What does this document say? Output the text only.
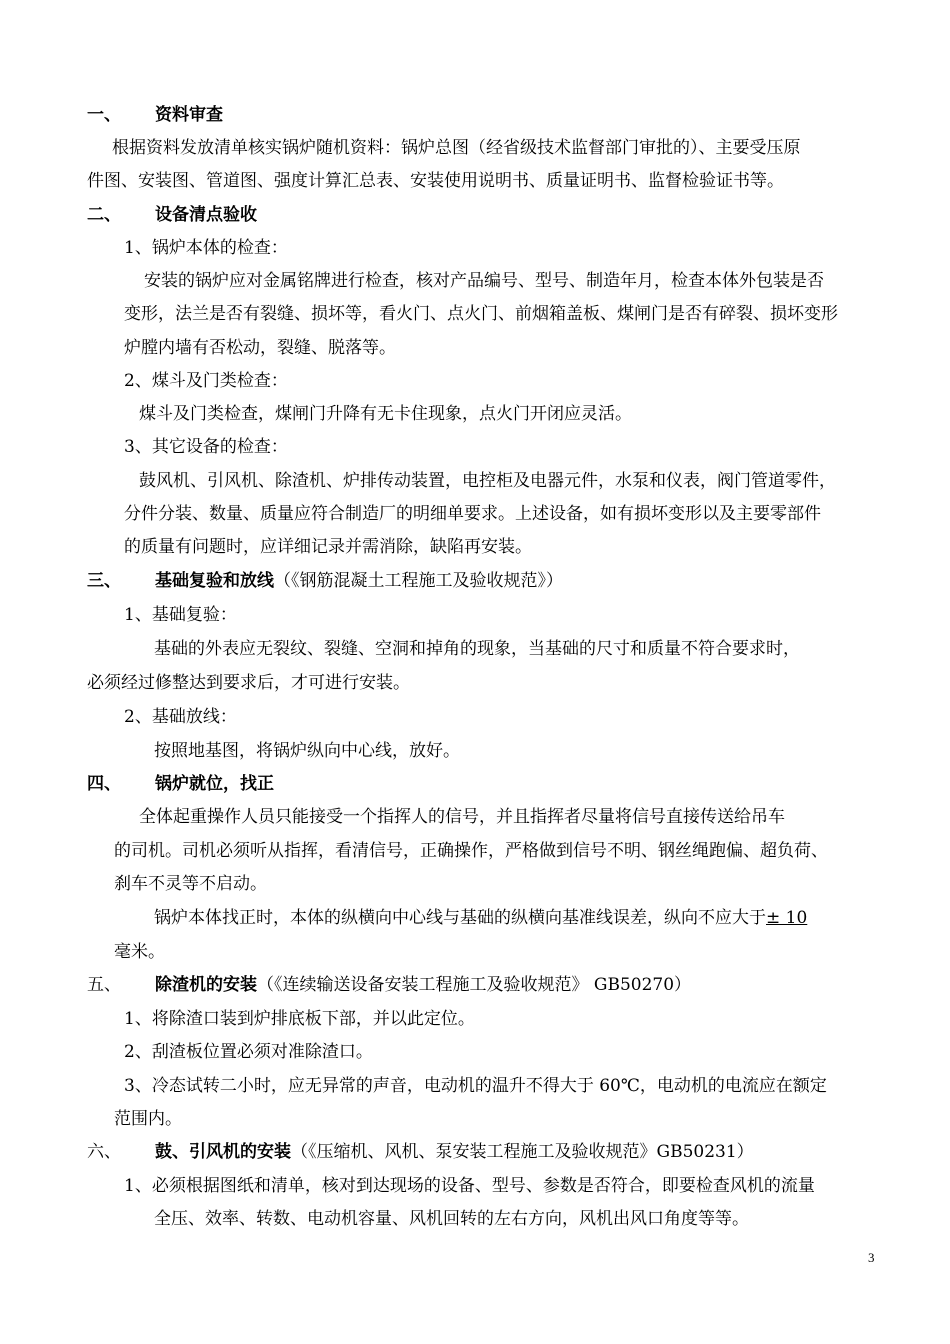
一、	资料审查
根据资料发放清单核实锅炉随机资料：锅炉总图（经省级技术监督部门审批的）、主要受压原
件图、安装图、管道图、强度计算汇总表、安装使用说明书、质量证明书、监督检验证书等。
二、	设备清点验收
1、锅炉本体的检查：
安装的锅炉应对金属铭牌进行检查，核对产品编号、型号、制造年月，检查本体外包装是否
变形，法兰是否有裂缝、损坏等，看火门、点火门、前烟箱盖板、煤闸门是否有碎裂、损坏变形
炉膛内墙有否松动，裂缝、脱落等。
2、煤斗及门类检查：
煤斗及门类检查，煤闸门升降有无卡住现象，点火门开闭应灵活。
3、其它设备的检查：
鼓风机、引风机、除渣机、炉排传动装置，电控柜及电器元件，水泵和仪表，阀门管道零件，
分件分装、数量、质量应符合制造厂的明细单要求。上述设备，如有损坏变形以及主要零部件
的质量有问题时，应详细记录并需消除，缺陷再安装。
三、	基础复验和放线（《钢筋混凝土工程施工及验收规范》）
1、基础复验：
基础的外表应无裂纹、裂缝、空洞和掉角的现象，当基础的尺寸和质量不符合要求时，
必须经过修整达到要求后，才可进行安装。
2、基础放线：
按照地基图，将锅炉纵向中心线，放好。
四、	锅炉就位，找正
全体起重操作人员只能接受一个指挥人的信号，并且指挥者尽量将信号直接传送给吊车
的司机。司机必须听从指挥，看清信号，正确操作，严格做到信号不明、钢丝绳跑偏、超负荷、
刹车不灵等不启动。
锅炉本体找正时，本体的纵横向中心线与基础的纵横向基准线误差，纵向不应大于± 10
毫米。
五、	除渣机的安装（《连续输送设备安装工程施工及验收规范》 GB50270）
1、将除渣口装到炉排底板下部，并以此定位。
2、刮渣板位置必须对准除渣口。
3、冷态试转二小时，应无异常的声音，电动机的温升不得大于 60℃，电动机的电流应在额定
范围内。
六、	鼓、引风机的安装（《压缩机、风机、泵安装工程施工及验收规范》GB50231）
1、必须根据图纸和清单，核对到达现场的设备、型号、参数是否符合，即要检查风机的流量
全压、效率、转数、电动机容量、风机回转的左右方向，风机出风口角度等等。
3
